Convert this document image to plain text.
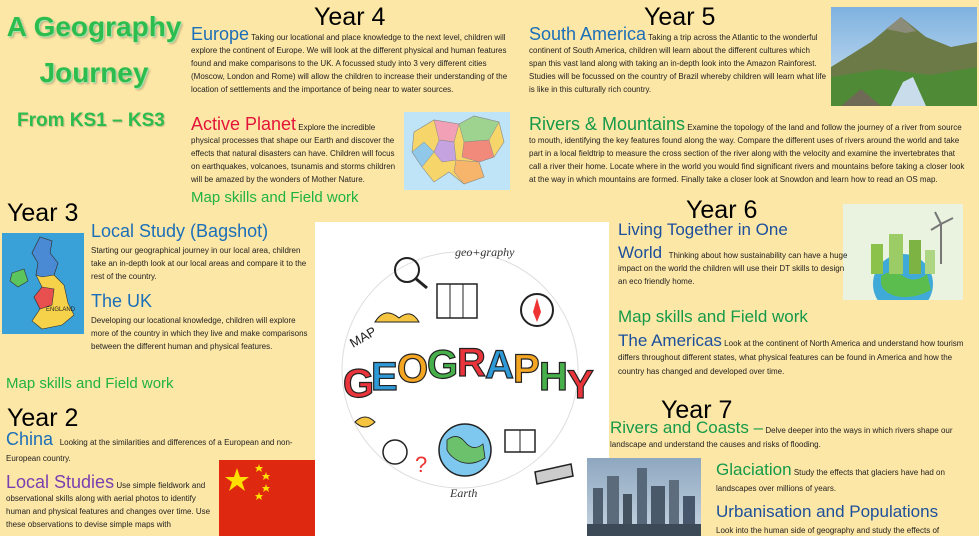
A Geography
Journey
From KS1 – KS3
Year 4
Europe Taking our locational and place knowledge to the next level, children will explore the continent of Europe. We will look at the different physical and human features found and make comparisons to the UK. A focussed study into 3 very different cities (Moscow, London and Rome) will allow the children to increase their understanding of the location of settlements and the importance of being near to water sources.
Active Planet Explore the incredible physical processes that shape our Earth and discover the effects that natural disasters can have. Children will focus on earthquakes, volcanoes, tsunamis and storms children will be amazed by the wonders of Mother Nature.
Map skills and Field work
Year 5
South America Taking a trip across the Atlantic to the wonderful continent of South America, children will learn about the different cultures which span this vast land along with taking an in-depth look into the Amazon Rainforest. Studies will be focussed on the country of Brazil whereby children will learn what life is like in this culturally rich country.
Rivers & Mountains Examine the topology of the land and follow the journey of a river from source to mouth, identifying the key features found along the way. Compare the different uses of rivers around the world and take part in a local fieldtrip to measure the cross section of the river along with the velocity and examine the invertebrates that call a river their home. Locate where in the world you would find significant rivers and mountains before taking a closer look at the way in which mountains are formed. Finally take a closer look at Snowdon and learn how to read an OS map.
Year 3
ENGLAND
Local Study (Bagshot)
Starting our geographical journey in our local area, children take an in-depth look at our local areas and compare it to the rest of the country.
The UK
Developing our locational knowledge, children will explore more of the country in which they live and make comparisons between the different human and physical features.
Map skills and Field work
Year 2
China Looking at the similarities and differences of a European and non-European country.
Local Studies Use simple fieldwork and observational skills along with aerial photos to identify human and physical features and changes over time. Use these observations to devise simple maps with
geo+graphy
MAP
G
E O
G
R A P H Y
GEOGRAPHY
Earth
?
Year 6
Living Together in One
World Thinking about how sustainability can have a huge impact on the world the children will use their DT skills to design an eco friendly home.
Map skills and Field work
The Americas Look at the continent of North America and understand how tourism differs throughout different states, what physical features can be found in America and how the country has changed and developed over time.
Year 7
Rivers and Coasts – Delve deeper into the ways in which rivers shape our landscape and understand the causes and risks of flooding.
Glaciation Study the effects that glaciers have had on landscapes over millions of years.
Urbanisation and Populations
Look into the human side of geography and study the effects of
